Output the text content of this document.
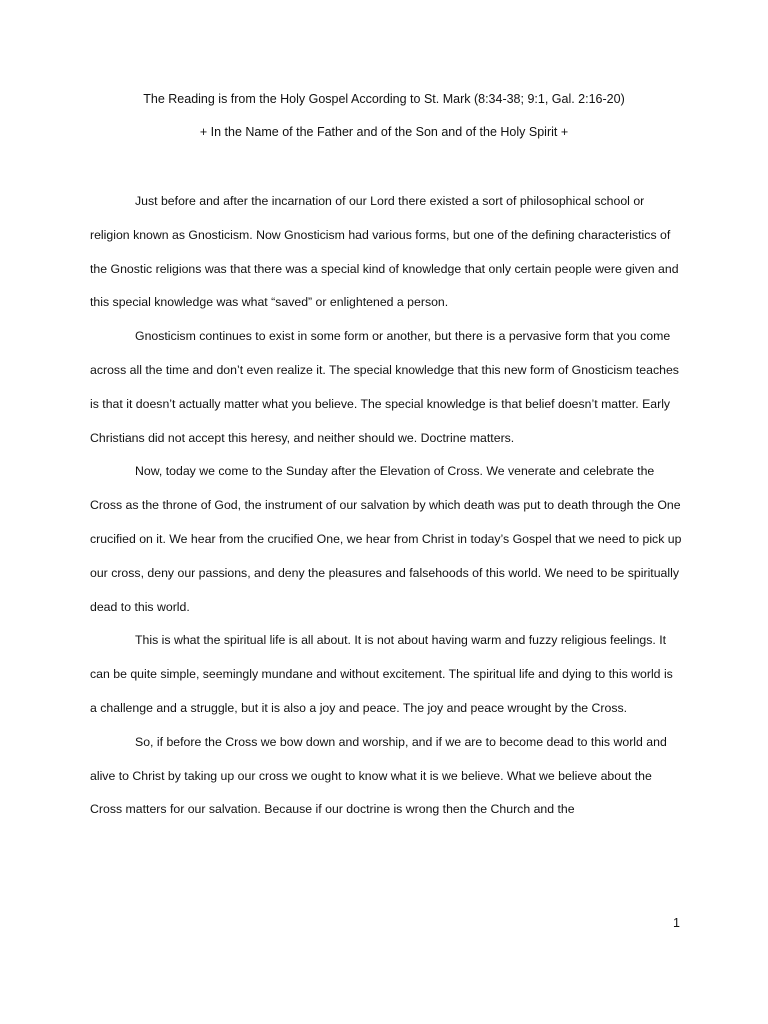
The Reading is from the Holy Gospel According to St. Mark (8:34-38; 9:1, Gal. 2:16-20)
+ In the Name of the Father and of the Son and of the Holy Spirit +

Just before and after the incarnation of our Lord there existed a sort of philosophical school or religion known as Gnosticism. Now Gnosticism had various forms, but one of the defining characteristics of the Gnostic religions was that there was a special kind of knowledge that only certain people were given and this special knowledge was what “saved” or enlightened a person.

Gnosticism continues to exist in some form or another, but there is a pervasive form that you come across all the time and don’t even realize it. The special knowledge that this new form of Gnosticism teaches is that it doesn’t actually matter what you believe. The special knowledge is that belief doesn’t matter. Early Christians did not accept this heresy, and neither should we. Doctrine matters.

Now, today we come to the Sunday after the Elevation of Cross. We venerate and celebrate the Cross as the throne of God, the instrument of our salvation by which death was put to death through the One crucified on it. We hear from the crucified One, we hear from Christ in today’s Gospel that we need to pick up our cross, deny our passions, and deny the pleasures and falsehoods of this world. We need to be spiritually dead to this world.

This is what the spiritual life is all about. It is not about having warm and fuzzy religious feelings. It can be quite simple, seemingly mundane and without excitement. The spiritual life and dying to this world is a challenge and a struggle, but it is also a joy and peace. The joy and peace wrought by the Cross.

So, if before the Cross we bow down and worship, and if we are to become dead to this world and alive to Christ by taking up our cross we ought to know what it is we believe. What we believe about the Cross matters for our salvation. Because if our doctrine is wrong then the Church and the

1
